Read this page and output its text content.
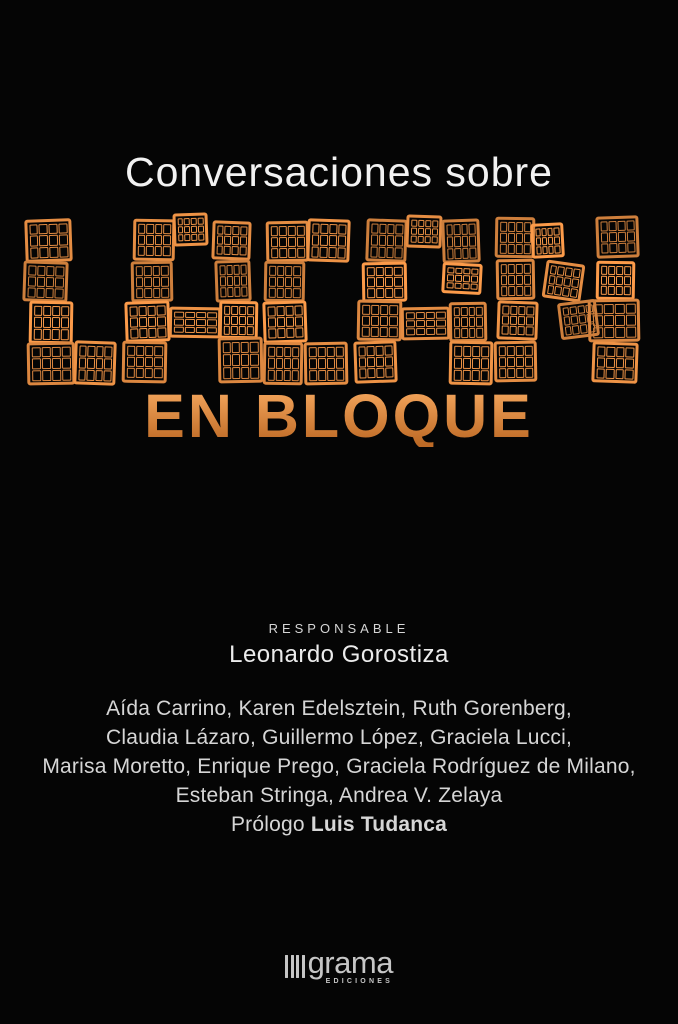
Conversaciones sobre
EN BLOQUE
RESPONSABLE
Leonardo Gorostiza
Aída Carrino, Karen Edelsztein, Ruth Gorenberg,
Claudia Lázaro, Guillermo López, Graciela Lucci,
Marisa Moretto, Enrique Prego, Graciela Rodríguez de Milano,
Esteban Stringa, Andrea V. Zelaya
Prólogo Luis Tudanca
grama
EDICIONES
